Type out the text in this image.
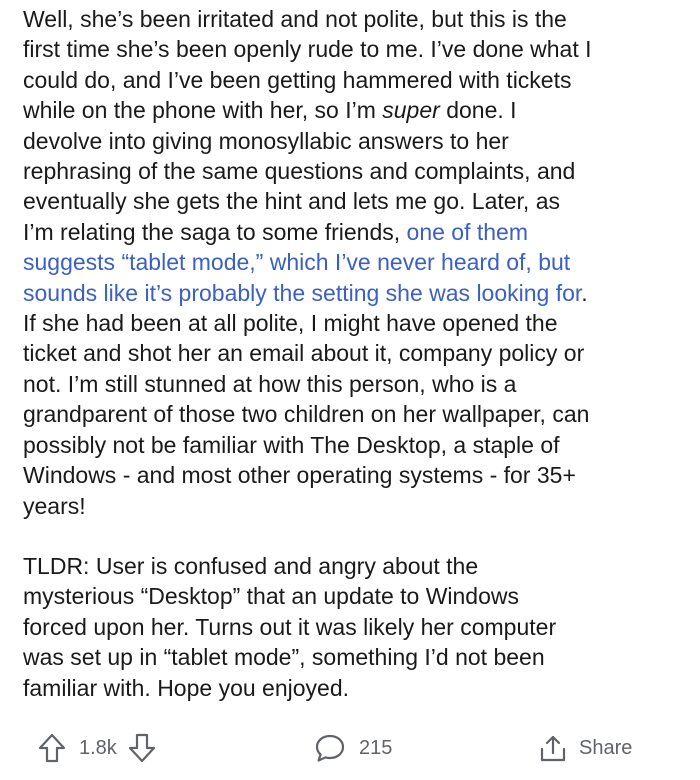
Well, she’s been irritated and not polite, but this is the
first time she’s been openly rude to me. I’ve done what I
could do, and I’ve been getting hammered with tickets
while on the phone with her, so I’m super done. I
devolve into giving monosyllabic answers to her
rephrasing of the same questions and complaints, and
eventually she gets the hint and lets me go. Later, as
I’m relating the saga to some friends, one of them
suggests “tablet mode,” which I’ve never heard of, but
sounds like it’s probably the setting she was looking for.
If she had been at all polite, I might have opened the
ticket and shot her an email about it, company policy or
not. I’m still stunned at how this person, who is a
grandparent of those two children on her wallpaper, can
possibly not be familiar with The Desktop, a staple of
Windows - and most other operating systems - for 35+
years!
TLDR: User is confused and angry about the
mysterious “Desktop” that an update to Windows
forced upon her. Turns out it was likely her computer
was set up in “tablet mode”, something I’d not been
familiar with. Hope you enjoyed.
1.8k	215	Share
